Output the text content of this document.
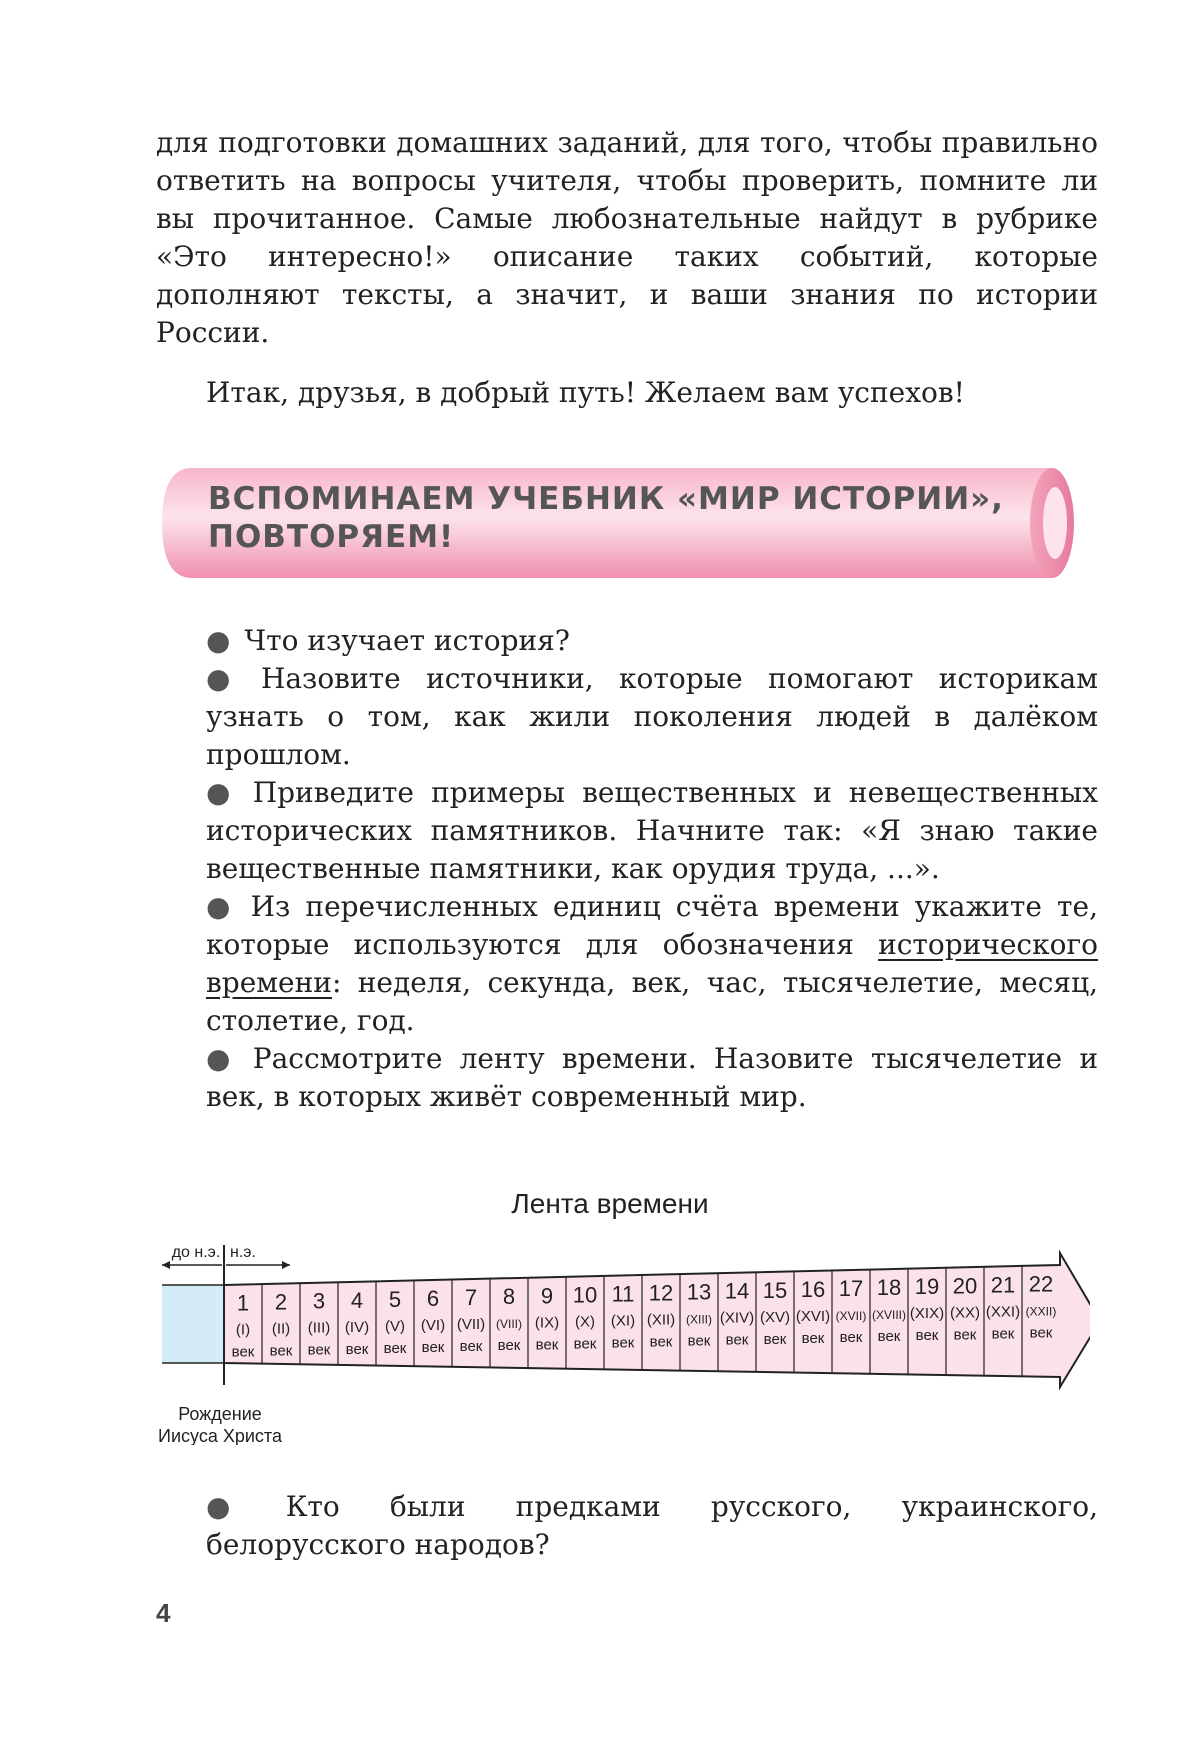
для подготовки домашних заданий, для того, чтобы правильно ответить на вопросы учителя, чтобы проверить, помните ли вы прочитанное. Самые любознательные найдут в рубрике «Это интересно!» описание таких событий, которые дополняют тексты, а значит, и ваши знания по истории России.

Итак, друзья, в добрый путь! Желаем вам успехов!

ВСПОМИНАЕМ УЧЕБНИК «МИР ИСТОРИИ»,
ПОВТОРЯЕМ!

● Что изучает история?
● Назовите источники, которые помогают историкам узнать о том, как жили поколения людей в далёком прошлом.
● Приведите примеры вещественных и невещественных исторических памятников. Начните так: «Я знаю такие вещественные памятники, как орудия труда, ...».
● Из перечисленных единиц счёта времени укажите те, которые используются для обозначения исторического времени: неделя, секунда, век, час, тысячелетие, месяц, столетие, год.
● Рассмотрите ленту времени. Назовите тысячелетие и век, в которых живёт современный мир.
Лента времени
до н.э. н.э.
1
(I)
век
2
(II)
век
3
(III)
век
4
(IV)
век
5
(V)
век
6
(VI)
век
7
(VII)
век
8
(VIII)
век
9
(IX)
век
10
(X)
век
11
(XI)
век
12
(XII)
век
13
(XIII)
век
14
(XIV)
век
15
(XV)
век
16
(XVI)
век
17
(XVII)
век
18
(XVIII)
век
19
(XIX)
век
20
(XX)
век
21
(XXI)
век
22
(XXII)
век
Рождение
Иисуса Христа
● Кто были предками русского, украинского, белорусского народов?
4
